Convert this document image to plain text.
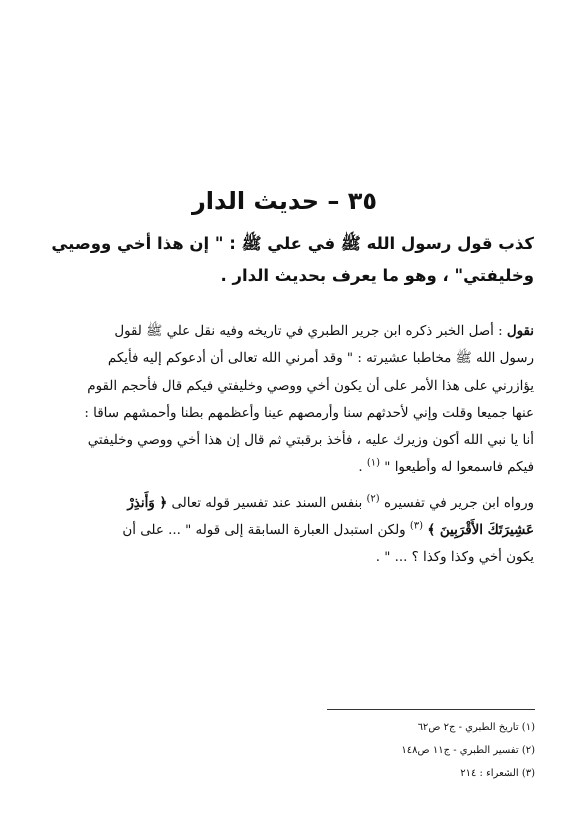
٣٥ – حديث الدار

كذب قول رسول الله ﷺ في علي ﷺ : " إن هذا أخي ووصيي

وخليفتي" ، وهو ما يعرف بحديث الدار .

نقول : أصل الخبر ذكره ابن جرير الطبري في تاريخه وفيه نقل علي ﷺ لقول

رسول الله ﷺ مخاطبا عشيرته : " وقد أمرني الله تعالى أن أدعوكم إليه فأيكم

يؤازرني على هذا الأمر على أن يكون أخي ووصي وخليفتي فيكم قال فأحجم القوم

عنها جميعا وقلت وإني لأحدثهم سنا وأرمصهم عينا وأعظمهم بطنا وأحمشهم ساقا :

أنا يا نبي الله أكون وزيرك عليه ، فأخذ برقبتي ثم قال إن هذا أخي ووصي وخليفتي

فيكم فاسمعوا له وأطيعوا " $^{(١)}$ .

ورواه ابن جرير في تفسيره $^{(٢)}$ بنفس السند عند تفسير قوله تعالى ﴿ وَأَنذِرْ

عَشِيرَتَكَ الأَقْرَبِينَ ﴾ $^{(٣)}$ ولكن استبدل العبارة السابقة إلى قوله " ... على أن

يكون أخي وكذا وكذا ؟ ... " .

(١) تاريخ الطبري - ج٢ ص٦٢

(٢) تفسير الطبري - ج١١ ص١٤٨

(٣) الشعراء : ٢١٤
